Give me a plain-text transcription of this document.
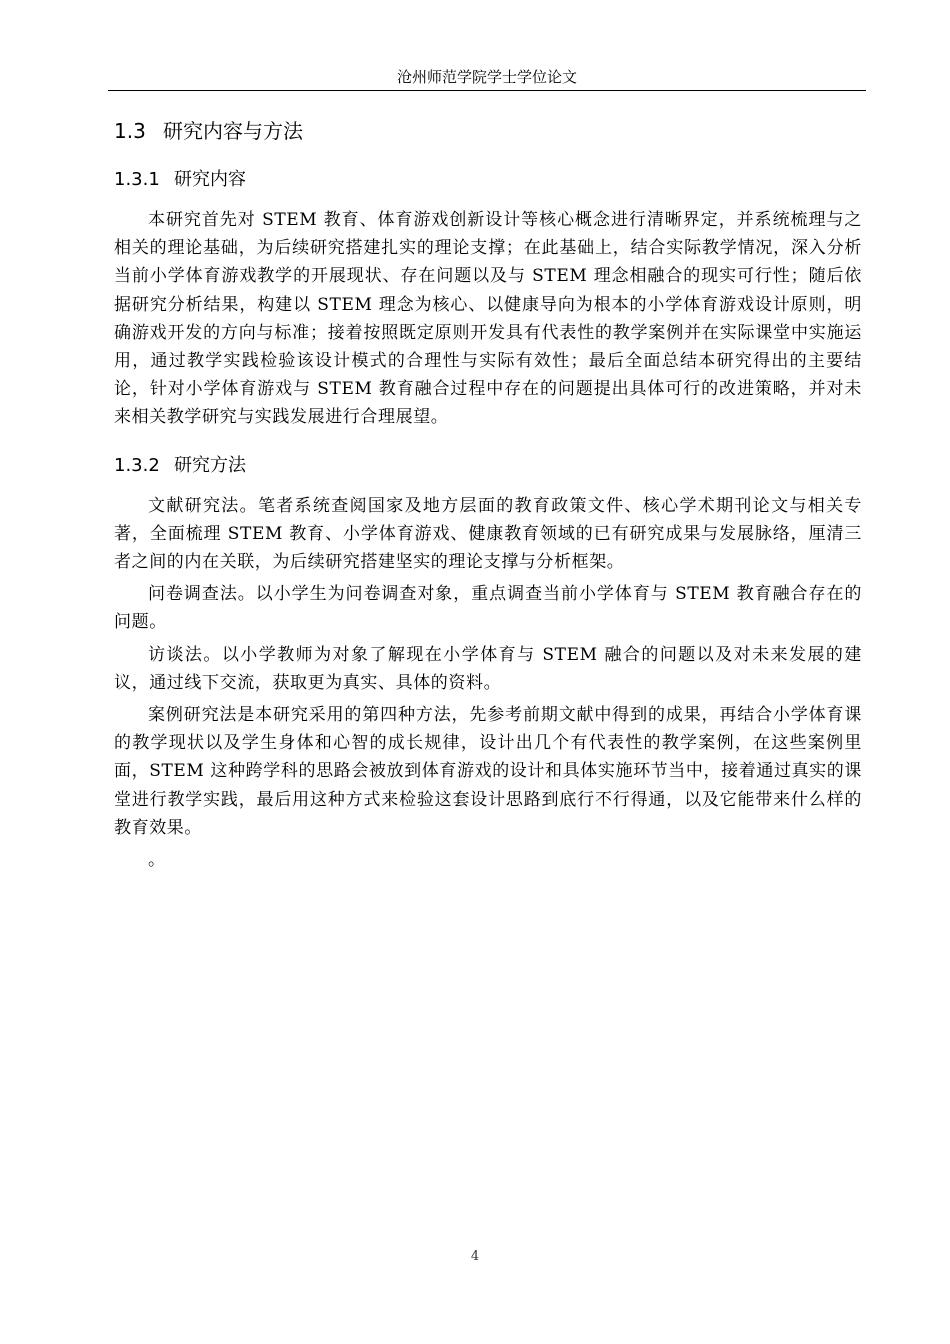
沧州师范学院学士学位论文
1.3 研究内容与方法
1.3.1 研究内容

本研究首先对 STEM 教育、体育游戏创新设计等核心概念进行清晰界定，并系统梳理与之相关的理论基础，为后续研究搭建扎实的理论支撑；在此基础上，结合实际教学情况，深入分析当前小学体育游戏教学的开展现状、存在问题以及与 STEM 理念相融合的现实可行性；随后依据研究分析结果，构建以 STEM 理念为核心、以健康导向为根本的小学体育游戏设计原则，明确游戏开发的方向与标准；接着按照既定原则开发具有代表性的教学案例并在实际课堂中实施运用，通过教学实践检验该设计模式的合理性与实际有效性；最后全面总结本研究得出的主要结论，针对小学体育游戏与 STEM 教育融合过程中存在的问题提出具体可行的改进策略，并对未来相关教学研究与实践发展进行合理展望。

1.3.2 研究方法

文献研究法。笔者系统查阅国家及地方层面的教育政策文件、核心学术期刊论文与相关专著，全面梳理 STEM 教育、小学体育游戏、健康教育领域的已有研究成果与发展脉络，厘清三者之间的内在关联，为后续研究搭建坚实的理论支撑与分析框架。

问卷调查法。以小学生为问卷调查对象，重点调查当前小学体育与 STEM 教育融合存在的问题。

访谈法。以小学教师为对象了解现在小学体育与 STEM 融合的问题以及对未来发展的建议，通过线下交流，获取更为真实、具体的资料。

案例研究法是本研究采用的第四种方法，先参考前期文献中得到的成果，再结合小学体育课的教学现状以及学生身体和心智的成长规律，设计出几个有代表性的教学案例，在这些案例里面，STEM 这种跨学科的思路会被放到体育游戏的设计和具体实施环节当中，接着通过真实的课堂进行教学实践，最后用这种方式来检验这套设计思路到底行不行得通，以及它能带来什么样的教育效果。

。

4
